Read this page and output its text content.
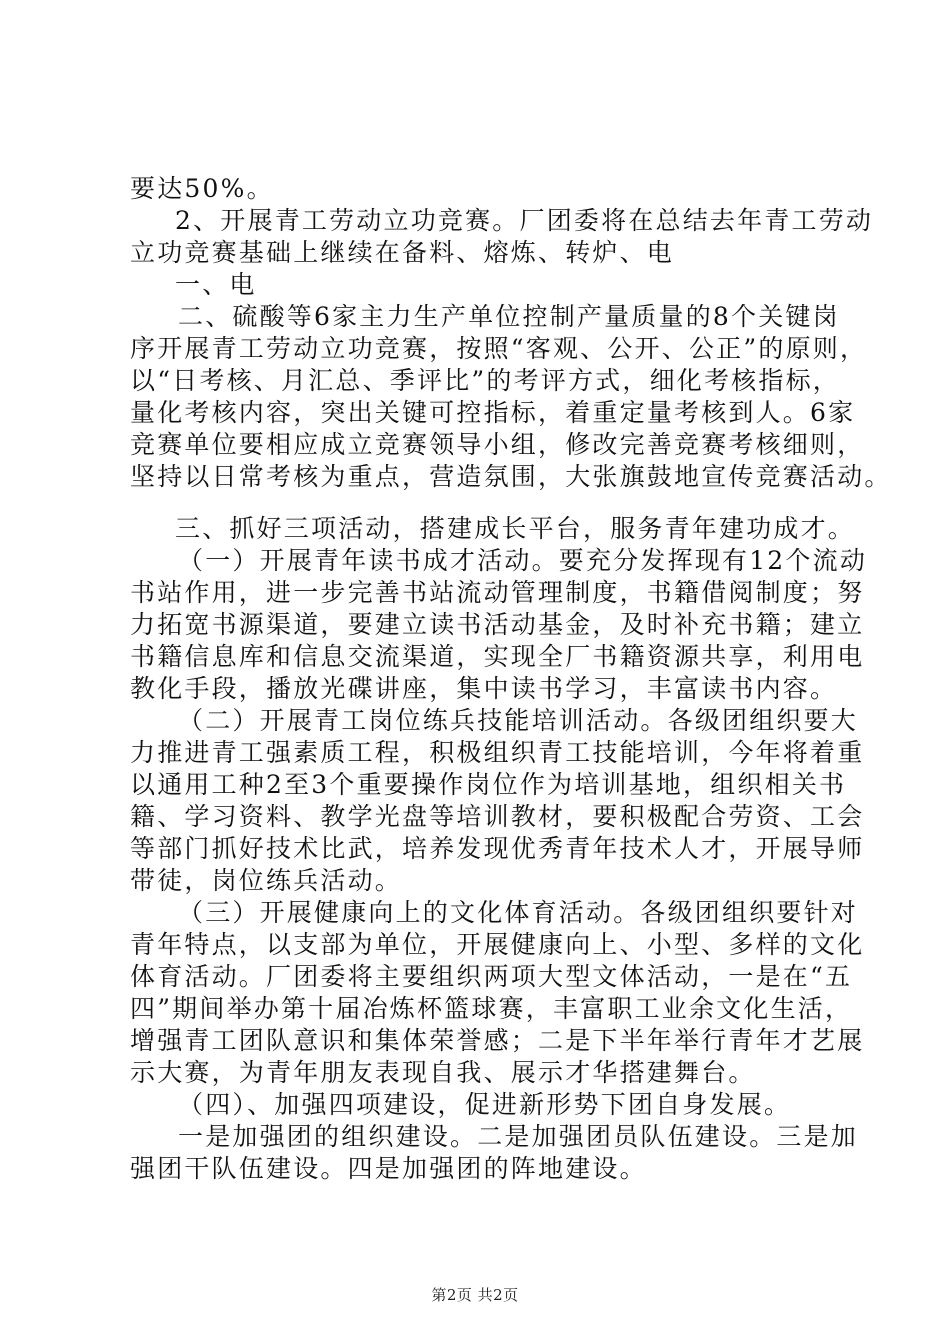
要达50%。
2、开展青工劳动立功竞赛。厂团委将在总结去年青工劳动
立功竞赛基础上继续在备料、熔炼、转炉、电
一、电
二、硫酸等6家主力生产单位控制产量质量的8个关键岗
序开展青工劳动立功竞赛，按照“客观、公开、公正”的原则，
以“日考核、月汇总、季评比”的考评方式，细化考核指标，
量化考核内容，突出关键可控指标，着重定量考核到人。6家
竞赛单位要相应成立竞赛领导小组，修改完善竞赛考核细则，
坚持以日常考核为重点，营造氛围，大张旗鼓地宣传竞赛活动。
三、抓好三项活动，搭建成长平台，服务青年建功成才。
（一）开展青年读书成才活动。要充分发挥现有12个流动
书站作用，进一步完善书站流动管理制度，书籍借阅制度；努
力拓宽书源渠道，要建立读书活动基金，及时补充书籍；建立
书籍信息库和信息交流渠道，实现全厂书籍资源共享，利用电
教化手段，播放光碟讲座，集中读书学习，丰富读书内容。
（二）开展青工岗位练兵技能培训活动。各级团组织要大
力推进青工强素质工程，积极组织青工技能培训，今年将着重
以通用工种2至3个重要操作岗位作为培训基地，组织相关书
籍、学习资料、教学光盘等培训教材，要积极配合劳资、工会
等部门抓好技术比武，培养发现优秀青年技术人才，开展导师
带徒，岗位练兵活动。
（三）开展健康向上的文化体育活动。各级团组织要针对
青年特点，以支部为单位，开展健康向上、小型、多样的文化
体育活动。厂团委将主要组织两项大型文体活动，一是在“五
四”期间举办第十届冶炼杯篮球赛，丰富职工业余文化生活，
增强青工团队意识和集体荣誉感；二是下半年举行青年才艺展
示大赛，为青年朋友表现自我、展示才华搭建舞台。
（四）、加强四项建设，促进新形势下团自身发展。
一是加强团的组织建设。二是加强团员队伍建设。三是加
强团干队伍建设。四是加强团的阵地建设。
第2页 共2页
